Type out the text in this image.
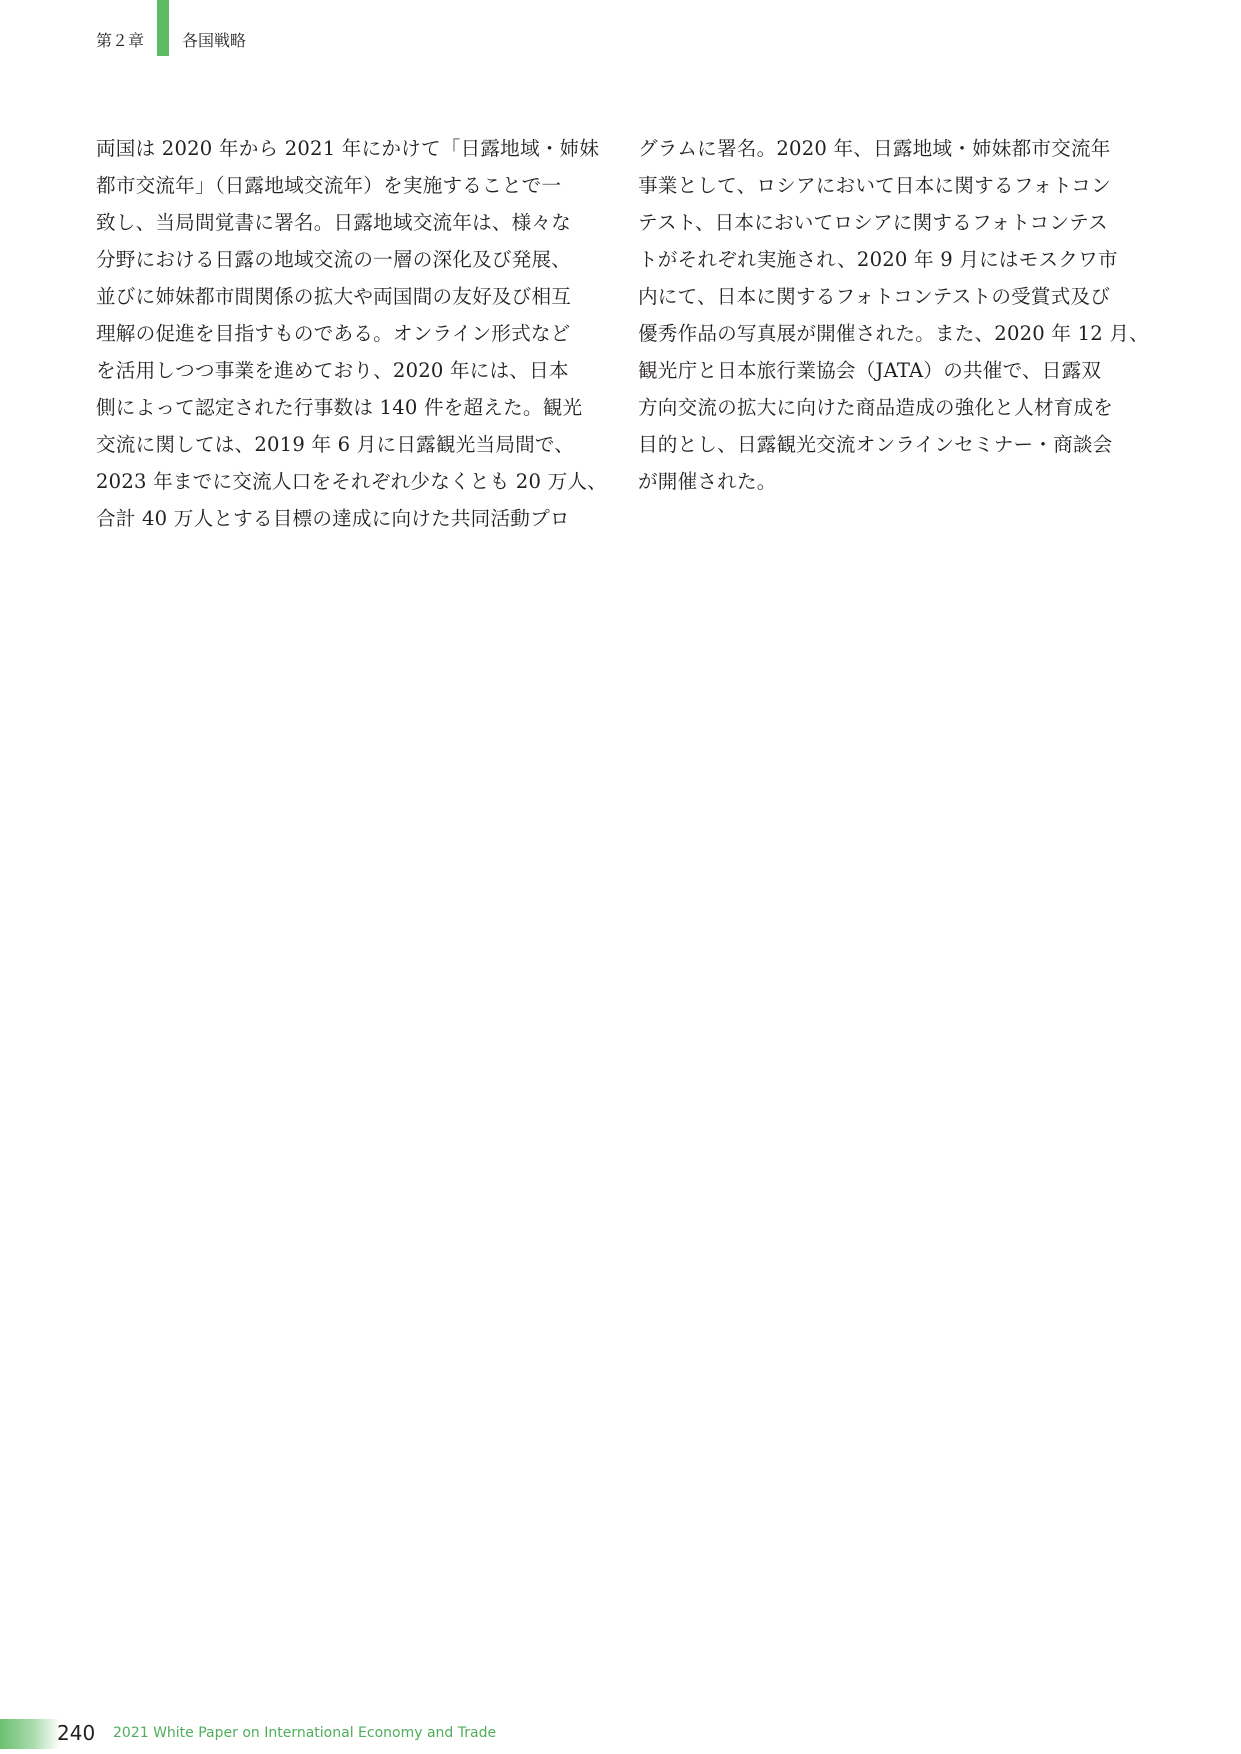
第２章 各国戦略
両国は 2020 年から 2021 年にかけて「日露地域・姉妹
都市交流年」（日露地域交流年）を実施することで一
致し、当局間覚書に署名。日露地域交流年は、様々な
分野における日露の地域交流の一層の深化及び発展、
並びに姉妹都市間関係の拡大や両国間の友好及び相互
理解の促進を目指すものである。オンライン形式など
を活用しつつ事業を進めており、2020 年には、日本
側によって認定された行事数は 140 件を超えた。観光
交流に関しては、2019 年 6 月に日露観光当局間で、
2023 年までに交流人口をそれぞれ少なくとも 20 万人、
合計 40 万人とする目標の達成に向けた共同活動プロ
グラムに署名。2020 年、日露地域・姉妹都市交流年
事業として、ロシアにおいて日本に関するフォトコン
テスト、日本においてロシアに関するフォトコンテス
トがそれぞれ実施され、2020 年 9 月にはモスクワ市
内にて、日本に関するフォトコンテストの受賞式及び
優秀作品の写真展が開催された。また、2020 年 12 月、
観光庁と日本旅行業協会（JATA）の共催で、日露双
方向交流の拡大に向けた商品造成の強化と人材育成を
目的とし、日露観光交流オンラインセミナー・商談会
が開催された。
240 2021 White Paper on International Economy and Trade
